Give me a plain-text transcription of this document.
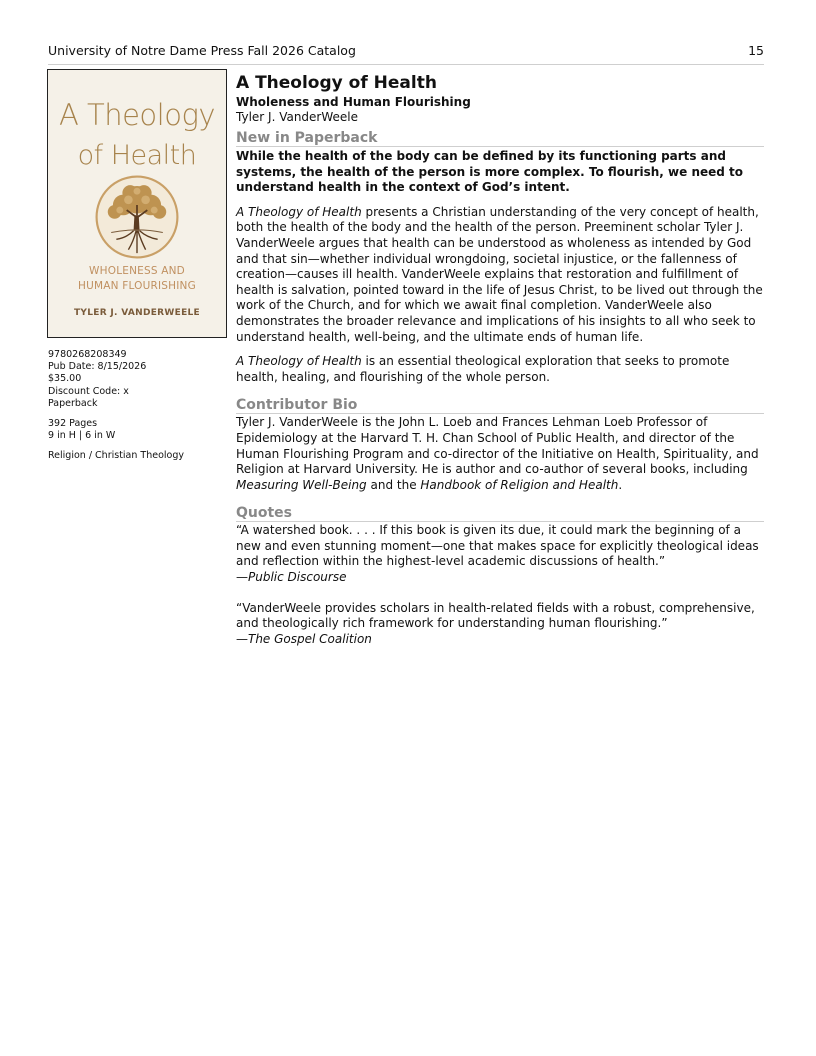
University of Notre Dame Press Fall 2026 Catalog	15
A Theology
of Health
WHOLENESS AND
HUMAN FLOURISHING
TYLER J. VANDERWEELE
9780268208349
Pub Date: 8/15/2026
$35.00
Discount Code: x
Paperback
392 Pages
9 in H | 6 in W
Religion / Christian Theology
A Theology of Health
Wholeness and Human Flourishing
Tyler J. VanderWeele
New in Paperback

While the health of the body can be defined by its functioning parts and systems, the health of the person is more complex. To flourish, we need to understand health in the context of God’s intent.

A Theology of Health presents a Christian understanding of the very concept of health, both the health of the body and the health of the person. Preeminent scholar Tyler J. VanderWeele argues that health can be understood as wholeness as intended by God and that sin—whether individual wrongdoing, societal injustice, or the fallenness of creation—causes ill health. VanderWeele explains that restoration and fulfillment of health is salvation, pointed toward in the life of Jesus Christ, to be lived out through the work of the Church, and for which we await final completion. VanderWeele also demonstrates the broader relevance and implications of his insights to all who seek to understand health, well-being, and the ultimate ends of human life.

A Theology of Health is an essential theological exploration that seeks to promote health, healing, and flourishing of the whole person.

Contributor Bio

Tyler J. VanderWeele is the John L. Loeb and Frances Lehman Loeb Professor of Epidemiology at the Harvard T. H. Chan School of Public Health, and director of the Human Flourishing Program and co-director of the Initiative on Health, Spirituality, and Religion at Harvard University. He is author and co-author of several books, including Measuring Well-Being and the Handbook of Religion and Health.

Quotes

“A watershed book. . . . If this book is given its due, it could mark the beginning of a new and even stunning moment—one that makes space for explicitly theological ideas and reflection within the highest-level academic discussions of health.”

—Public Discourse

“VanderWeele provides scholars in health-related fields with a robust, comprehensive, and theologically rich framework for understanding human flourishing.”

—The Gospel Coalition
